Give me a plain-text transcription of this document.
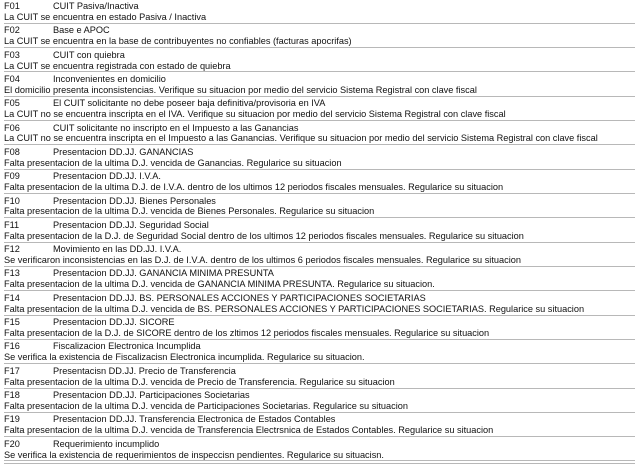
F01	CUIT Pasiva/Inactiva
La CUIT se encuentra en estado Pasiva / Inactiva
F02	Base e APOC
La CUIT se encuentra en la base de contribuyentes no confiables (facturas apocrifas)
F03	CUIT con quiebra
La CUIT se encuentra registrada con estado de quiebra
F04	Inconvenientes en domicilio
El domicilio presenta inconsistencias. Verifique su situacion por medio del servicio Sistema Registral con clave fiscal
F05	El CUIT solicitante no debe poseer baja definitiva/provisoria en IVA
La CUIT no se encuentra inscripta en el IVA. Verifique su situacion por medio del servicio Sistema Registral con clave fiscal
F06	CUIT solicitante no inscripto en el Impuesto a las Ganancias
La CUIT no se encuentra inscripta en el Impuesto a las Ganancias. Verifique su situacion por medio del servicio Sistema Registral con clave fiscal
F08	Presentacion DD.JJ. GANANCIAS
Falta presentacion de la ultima D.J. vencida de Ganancias. Regularice su situacion
F09	Presentacion DD.JJ. I.V.A.
Falta presentacion de la ultima D.J. de I.V.A. dentro de los ultimos 12 periodos fiscales mensuales. Regularice su situacion
F10	Presentacion DD.JJ. Bienes Personales
Falta presentacion de la ultima D.J. vencida de Bienes Personales. Regularice su situacion
F11	Presentacion DD.JJ. Seguridad Social
Falta presentacion de la D.J. de Seguridad Social dentro de los ultimos 12 periodos fiscales mensuales. Regularice su situacion
F12	Movimiento en las DD.JJ. I.V.A.
Se verificaron inconsistencias en las D.J. de I.V.A. dentro de los ultimos 6 periodos fiscales mensuales. Regularice su situacion
F13	Presentacion DD.JJ. GANANCIA MINIMA PRESUNTA
Falta presentacion de la ultima D.J. vencida de GANANCIA MINIMA PRESUNTA. Regularice su situacion.
F14	Presentacion DD.JJ. BS. PERSONALES ACCIONES Y PARTICIPACIONES SOCIETARIAS
Falta presentacion de la ultima D.J. vencida de BS. PERSONALES ACCIONES Y PARTICIPACIONES SOCIETARIAS. Regularice su situacion
F15	Presentacion DD.JJ. SICORE
Falta presentacion de la D.J. de SICORE dentro de los zltimos 12 periodos fiscales mensuales. Regularice su situacion
F16	Fiscalizacion Electronica Incumplida
Se verifica la existencia de Fiscalizacisn Electronica incumplida. Regularice su situacion.
F17	Presentacisn DD.JJ. Precio de Transferencia
Falta presentacion de la ultima D.J. vencida de Precio de Transferencia. Regularice su situacion
F18	Presentacion DD.JJ. Participaciones Societarias
Falta presentacion de la ultima D.J. vencida de Participaciones Societarias. Regularice su situacion
F19	Presentacion DD.JJ. Transferencia Electronica de Estados Contables
Falta presentacion de la ultima D.J. vencida de Transferencia Electrsnica de Estados Contables. Regularice su situacion
F20	Requerimiento incumplido
Se verifica la existencia de requerimientos de inspeccisn pendientes. Regularice su situacisn.
